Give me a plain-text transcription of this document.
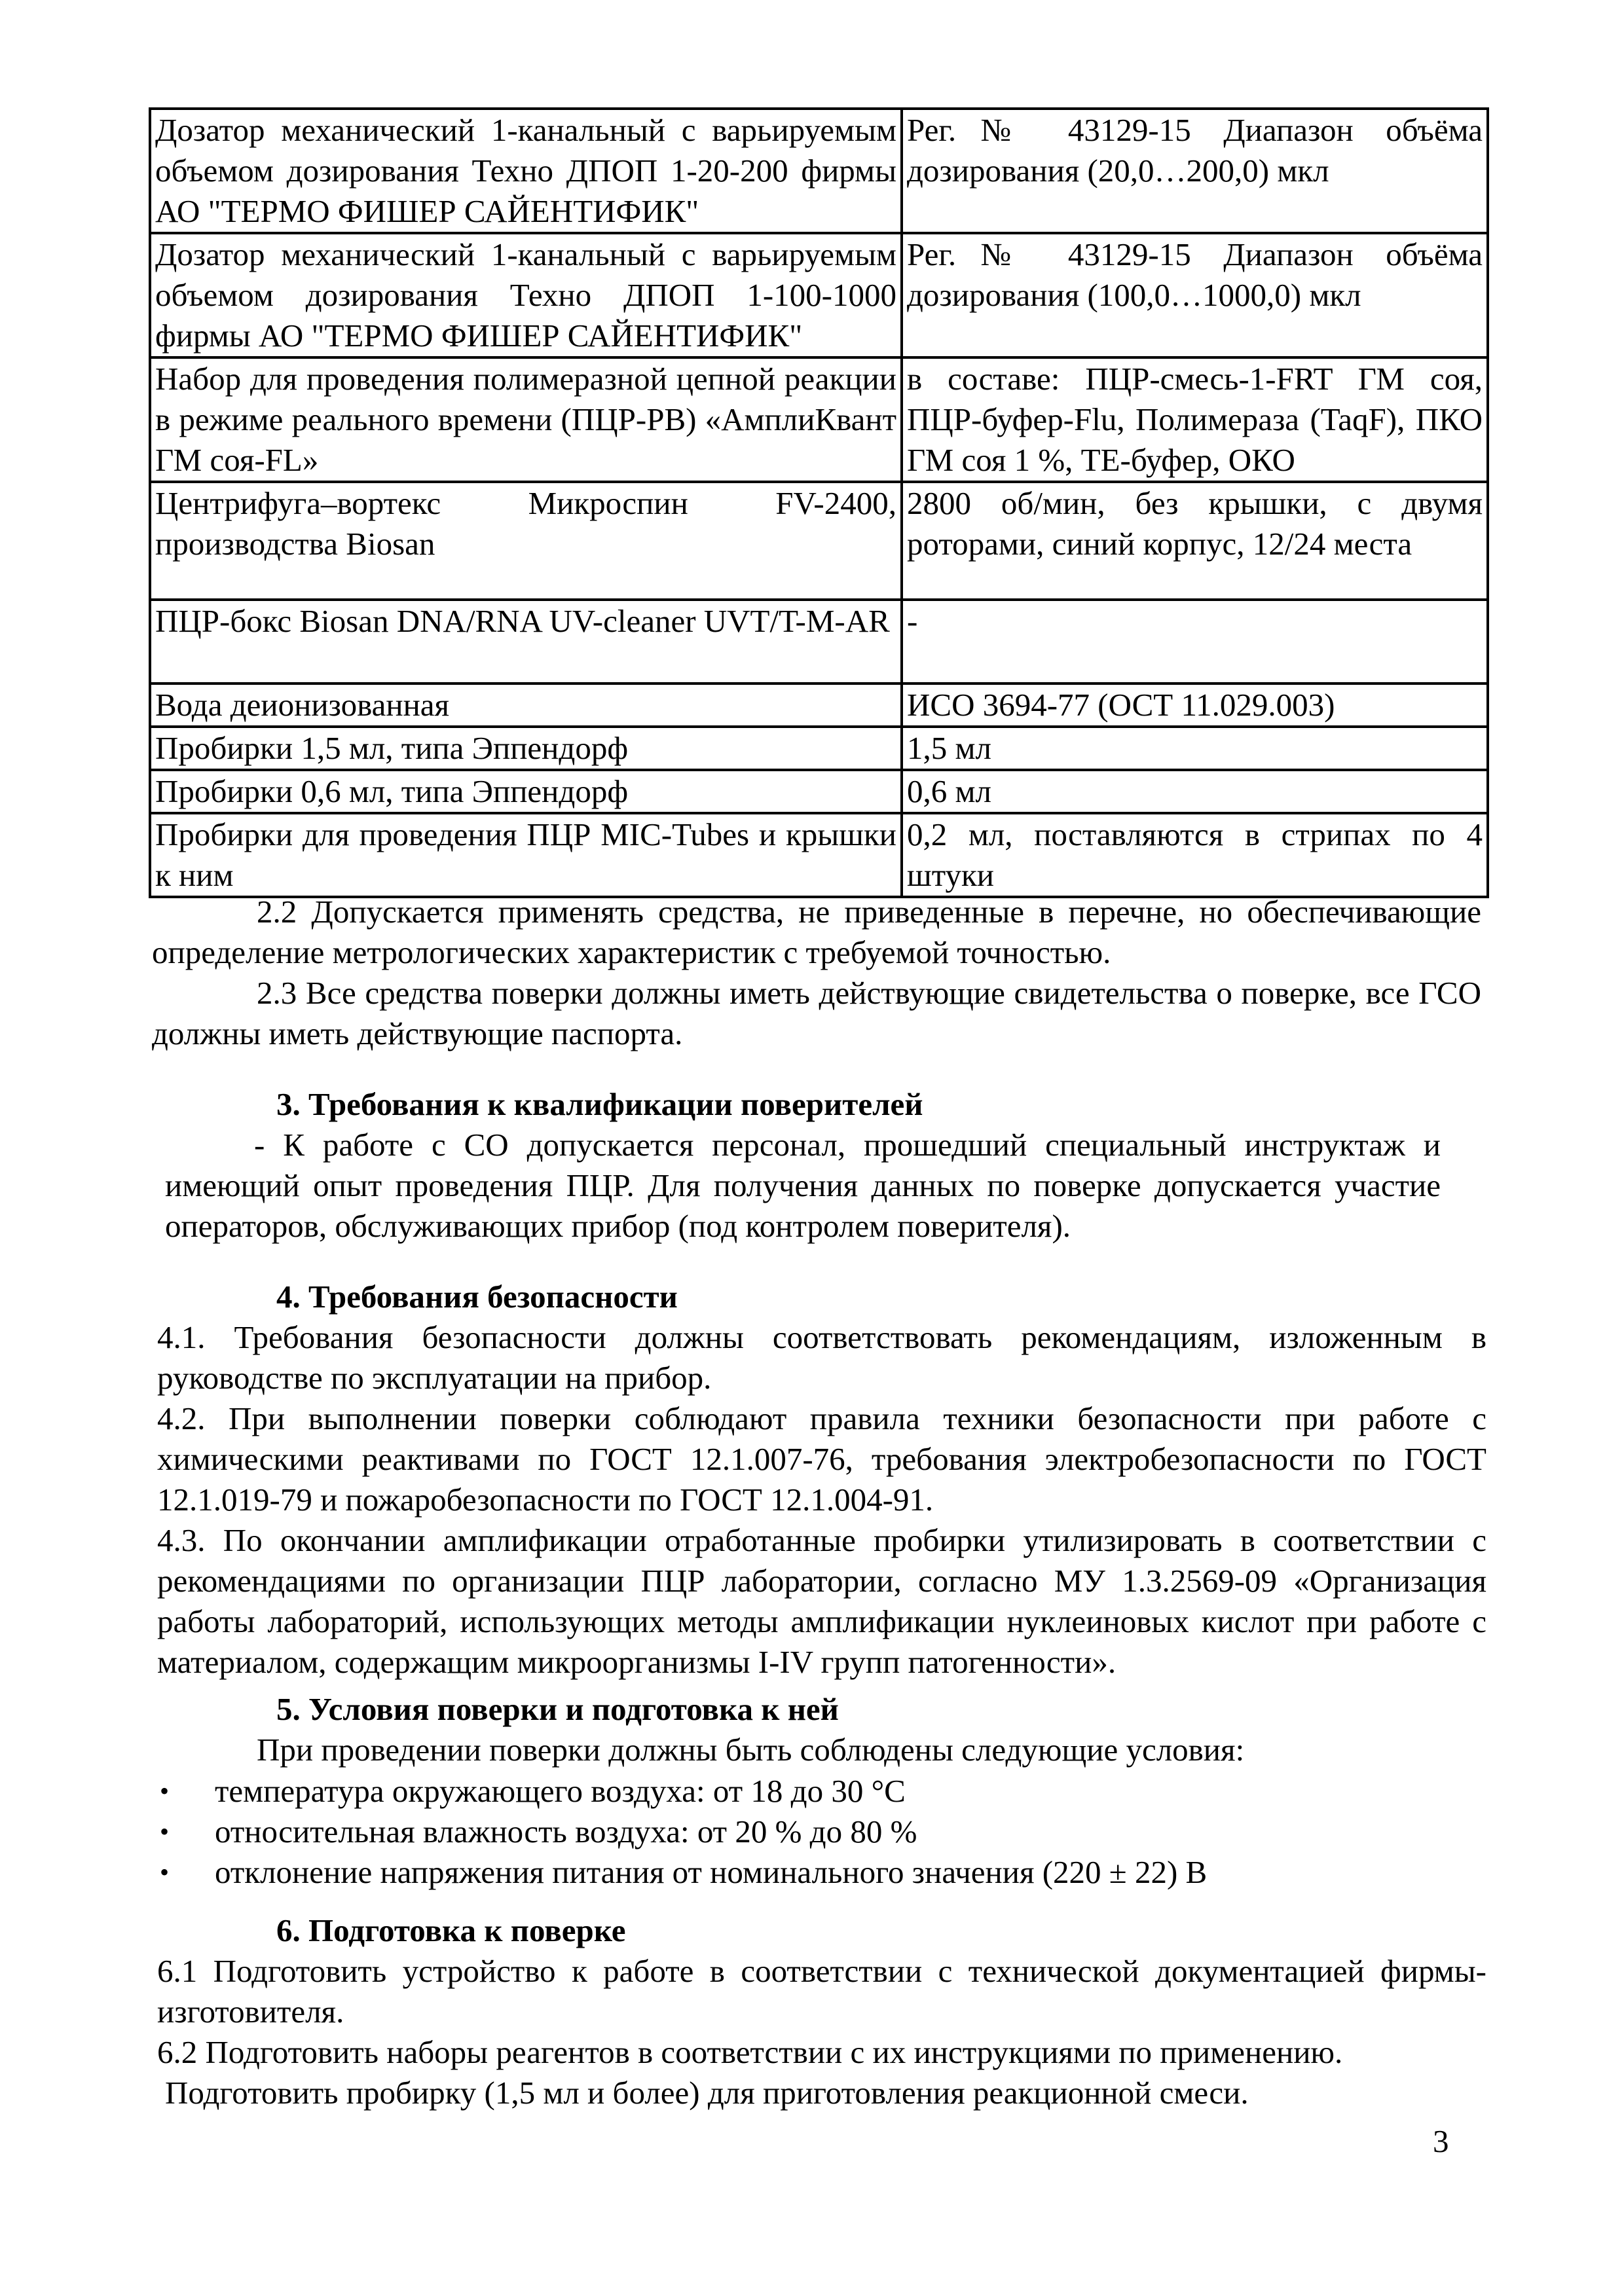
Дозатор механический 1-канальный с варьируемым объемом дозирования Техно ДПОП 1-20-200 фирмы АО "ТЕРМО ФИШЕР САЙЕНТИФИК"	Рег.№ 43129-15 Диапазон объёма дозирования (20,0…200,0) мкл
Дозатор механический 1-канальный с варьируемым объемом дозирования Техно ДПОП 1-100-1000 фирмы АО "ТЕРМО ФИШЕР САЙЕНТИФИК"	Рег.№ 43129-15 Диапазон объёма дозирования (100,0…1000,0) мкл
Набор для проведения полимеразной цепной реакции в режиме реального времени (ПЦР-РВ) «АмплиКвант ГМ соя-FL»	в составе: ПЦР-смесь-1-FRT ГМ соя, ПЦР-буфер-Flu, Полимераза (TaqF), ПКО ГМ соя 1 %, ТЕ-буфер, ОКО
Центрифуга–вортекс Микроспин FV-2400, производства Biosan	2800 об/мин, без крышки, с двумя роторами, синий корпус, 12/24 места
ПЦР-бокс Biosan DNA/RNA UV-cleaner UVT/T-M-AR	-
Вода деионизованная	ИСО 3694-77 (ОСТ 11.029.003)
Пробирки 1,5 мл, типа Эппендорф	1,5 мл
Пробирки 0,6 мл, типа Эппендорф	0,6 мл
Пробирки для проведения ПЦР MIC-Tubes и крышки к ним	0,2 мл, поставляются в стрипах по 4 штуки
2.2 Допускается применять средства, не приведенные в перечне, но обеспечивающие определение метрологических характеристик с требуемой точностью.
2.3 Все средства поверки должны иметь действующие свидетельства о поверке, все ГСО должны иметь действующие паспорта.
3. Требования к квалификации поверителей
- К работе с СО допускается персонал, прошедший специальный инструктаж и имеющий опыт проведения ПЦР. Для получения данных по поверке допускается участие операторов, обслуживающих прибор (под контролем поверителя).
4. Требования безопасности
4.1. Требования безопасности должны соответствовать рекомендациям, изложенным в руководстве по эксплуатации на прибор.
4.2. При выполнении поверки соблюдают правила техники безопасности при работе с химическими реактивами по ГОСТ 12.1.007-76, требования электробезопасности по ГОСТ 12.1.019-79 и пожаробезопасности по ГОСТ 12.1.004-91.
4.3. По окончании амплификации отработанные пробирки утилизировать в соответствии с рекомендациями по организации ПЦР лаборатории, согласно МУ 1.3.2569-09 «Организация работы лабораторий, использующих методы амплификации нуклеиновых кислот при работе с материалом, содержащим микроорганизмы I-IV групп патогенности».
5. Условия поверки и подготовка к ней
При проведении поверки должны быть соблюдены следующие условия:
• температура окружающего воздуха: от 18 до 30 °С
• относительная влажность воздуха: от 20 % до 80 %
• отклонение напряжения питания от номинального значения (220 ± 22) В
6. Подготовка к поверке
6.1 Подготовить устройство к работе в соответствии с технической документацией фирмы-изготовителя.
6.2 Подготовить наборы реагентов в соответствии с их инструкциями по применению.
Подготовить пробирку (1,5 мл и более) для приготовления реакционной смеси.
3
